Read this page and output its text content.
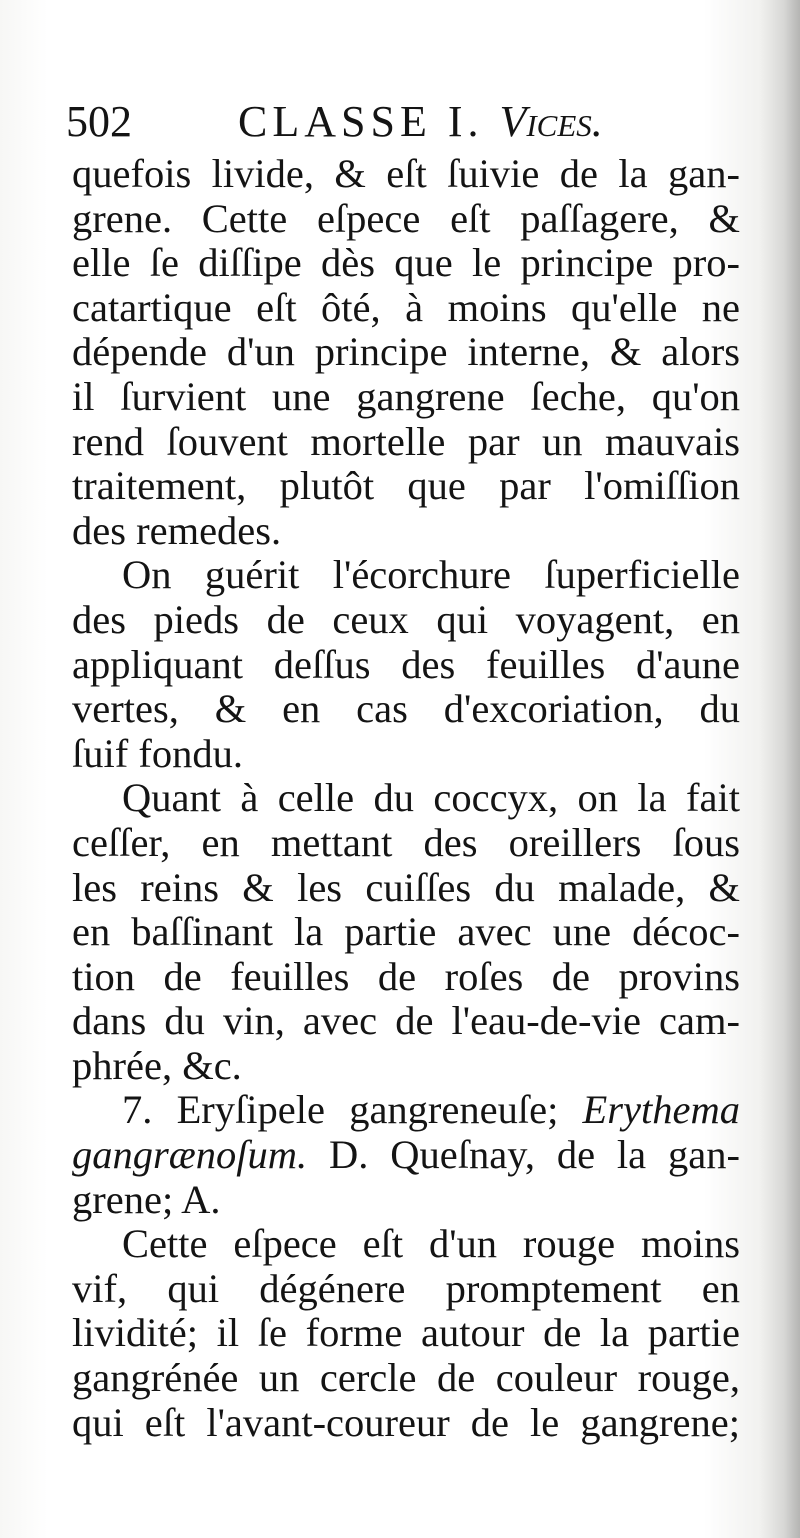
502 CLASSE I. Vices.
quefois livide, & eſt ſuivie de la gan-
grene. Cette eſpece eſt paſſagere, &
elle ſe diſſipe dès que le principe pro-
catartique eſt ôté, à moins qu'elle ne
dépende d'un principe interne, & alors
il ſurvient une gangrene ſeche, qu'on
rend ſouvent mortelle par un mauvais
traitement, plutôt que par l'omiſſion
des remedes.
On guérit l'écorchure ſuperficielle
des pieds de ceux qui voyagent, en
appliquant deſſus des feuilles d'aune
vertes, & en cas d'excoriation, du
ſuif fondu.
Quant à celle du coccyx, on la fait
ceſſer, en mettant des oreillers ſous
les reins & les cuiſſes du malade, &
en baſſinant la partie avec une décoc-
tion de feuilles de roſes de provins
dans du vin, avec de l'eau-de-vie cam-
phrée, &c.
7. Eryſipele gangreneuſe; Erythema
gangrænoſum. D. Queſnay, de la gan-
grene; A.
Cette eſpece eſt d'un rouge moins
vif, qui dégénere promptement en
lividité; il ſe forme autour de la partie
gangrénée un cercle de couleur rouge,
qui eſt l'avant-coureur de le gangrene;
